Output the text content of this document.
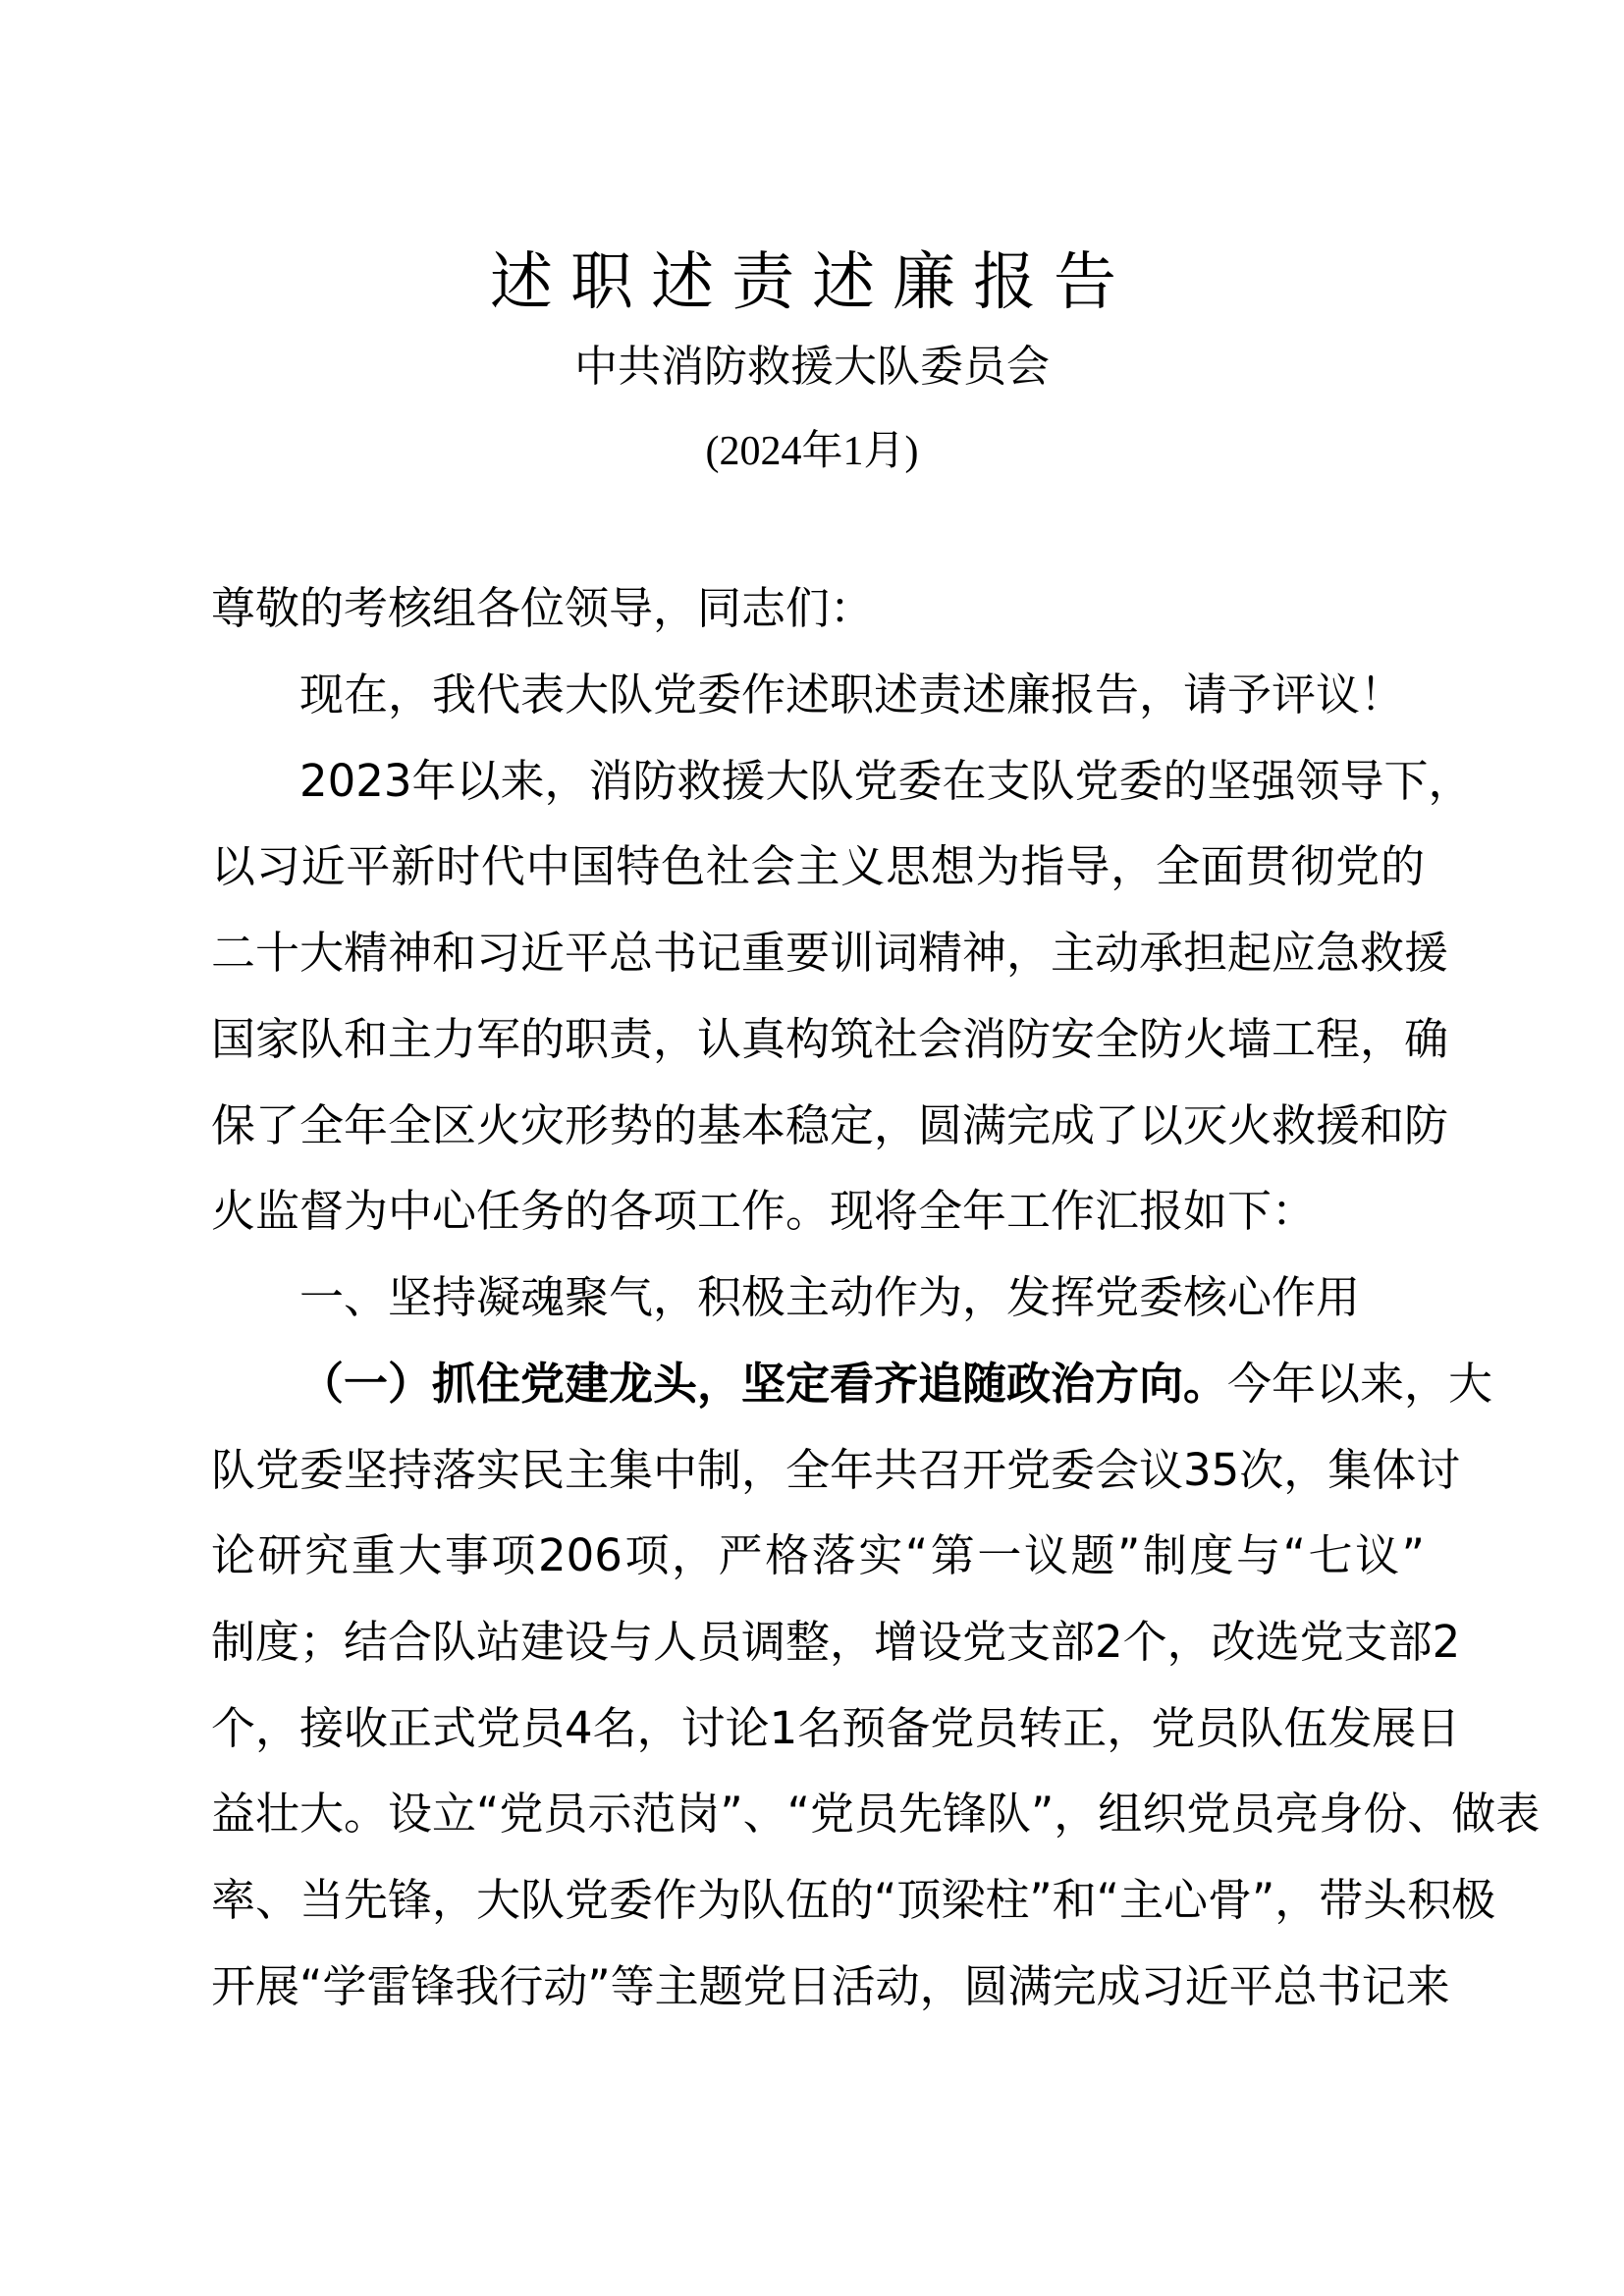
述职述责述廉报告
中共消防救援大队委员会
(2024年1月)
尊敬的考核组各位领导，同志们：
现在，我代表大队党委作述职述责述廉报告，请予评议！
2023年以来，消防救援大队党委在支队党委的坚强领导下，
以习近平新时代中国特色社会主义思想为指导，全面贯彻党的
二十大精神和习近平总书记重要训词精神，主动承担起应急救援
国家队和主力军的职责，认真构筑社会消防安全防火墙工程，确
保了全年全区火灾形势的基本稳定，圆满完成了以灭火救援和防
火监督为中心任务的各项工作。现将全年工作汇报如下：
一、坚持凝魂聚气，积极主动作为，发挥党委核心作用
（一）抓住党建龙头，坚定看齐追随政治方向。今年以来，大
队党委坚持落实民主集中制，全年共召开党委会议35次，集体讨
论研究重大事项206项，严格落实“第一议题”制度与“七议”
制度；结合队站建设与人员调整，增设党支部2个，改选党支部2
个，接收正式党员4名，讨论1名预备党员转正，党员队伍发展日
益壮大。设立“党员示范岗”、“党员先锋队”，组织党员亮身份、做表
率、当先锋，大队党委作为队伍的“顶梁柱”和“主心骨”，带头积极
开展“学雷锋我行动”等主题党日活动，圆满完成习近平总书记来
